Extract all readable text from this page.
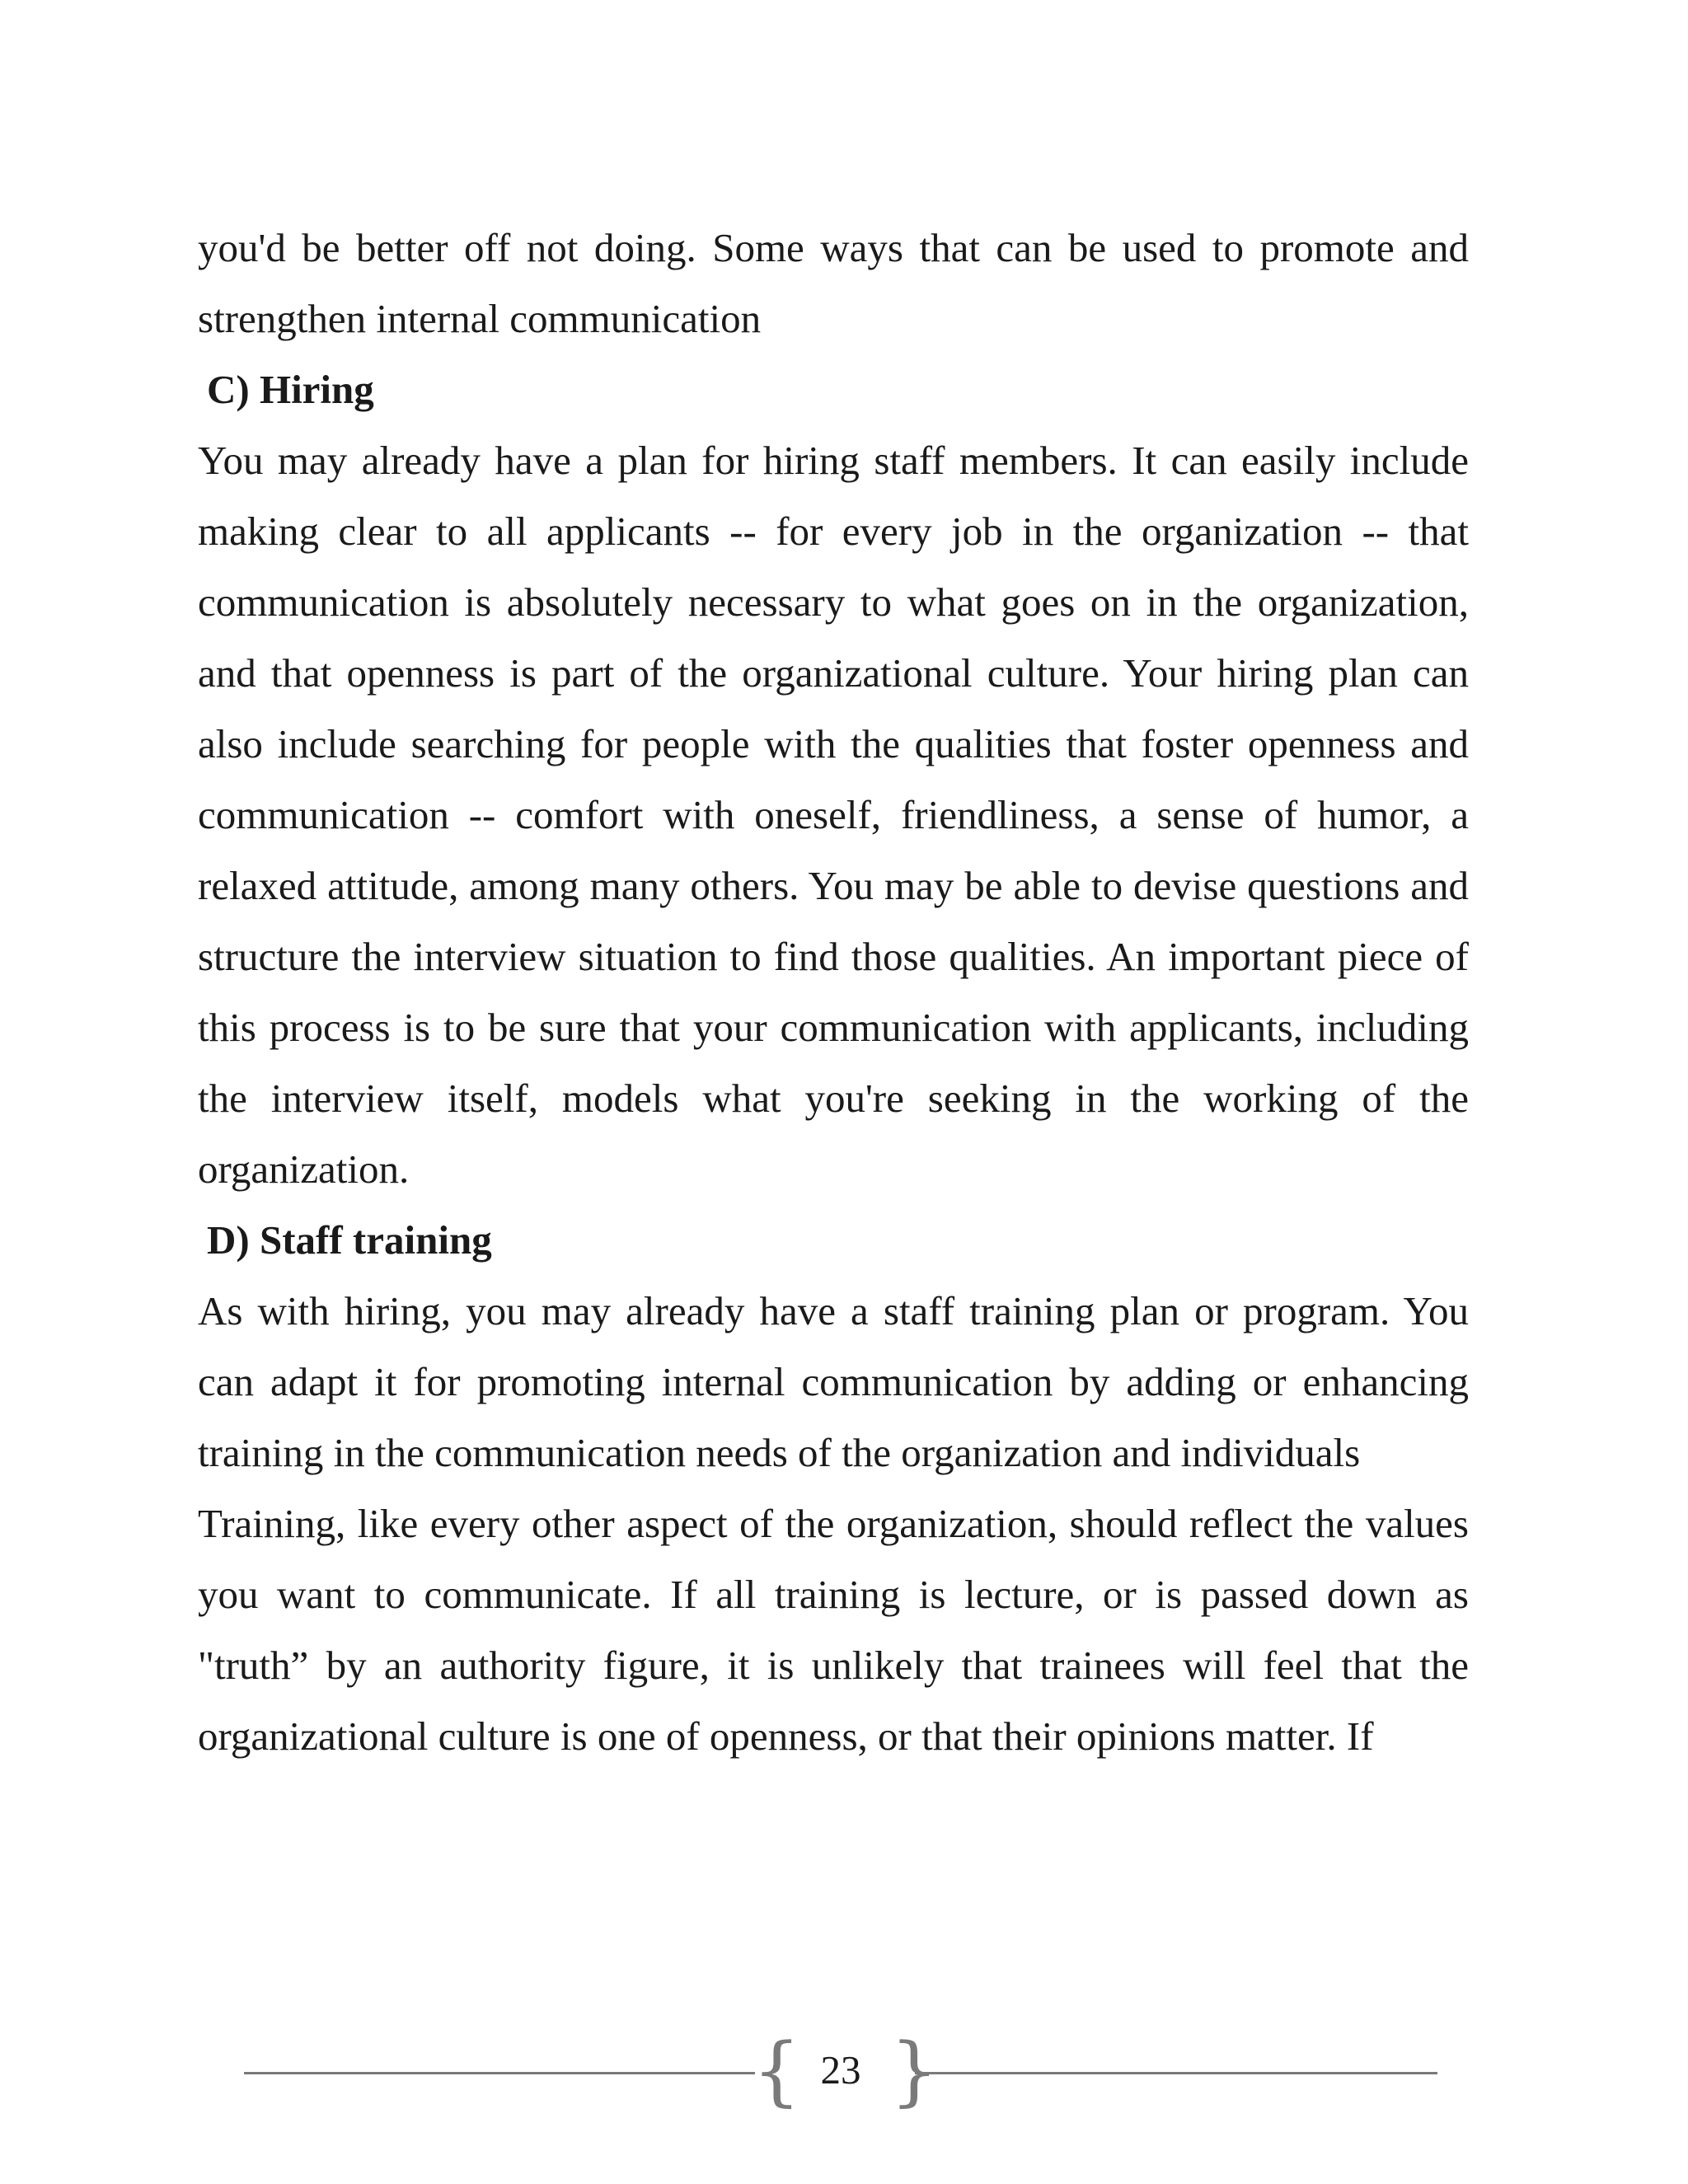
you'd be better off not doing. Some ways that can be used to promote and strengthen internal communication

C) Hiring

You may already have a plan for hiring staff members. It can easily include making clear to all applicants -- for every job in the organization -- that communication is absolutely necessary to what goes on in the organization, and that openness is part of the organizational culture. Your hiring plan can also include searching for people with the qualities that foster openness and communication -- comfort with oneself, friendliness, a sense of humor, a relaxed attitude, among many others. You may be able to devise questions and structure the interview situation to find those qualities. An important piece of this process is to be sure that your communication with applicants, including the interview itself, models what you're seeking in the working of the organization.

D) Staff training

As with hiring, you may already have a staff training plan or program. You can adapt it for promoting internal communication by adding or enhancing training in the communication needs of the organization and individuals

Training, like every other aspect of the organization, should reflect the values you want to communicate. If all training is lecture, or is passed down as "truth” by an authority figure, it is unlikely that trainees will feel that the organizational culture is one of openness, or that their opinions matter. If

{ 23 }
